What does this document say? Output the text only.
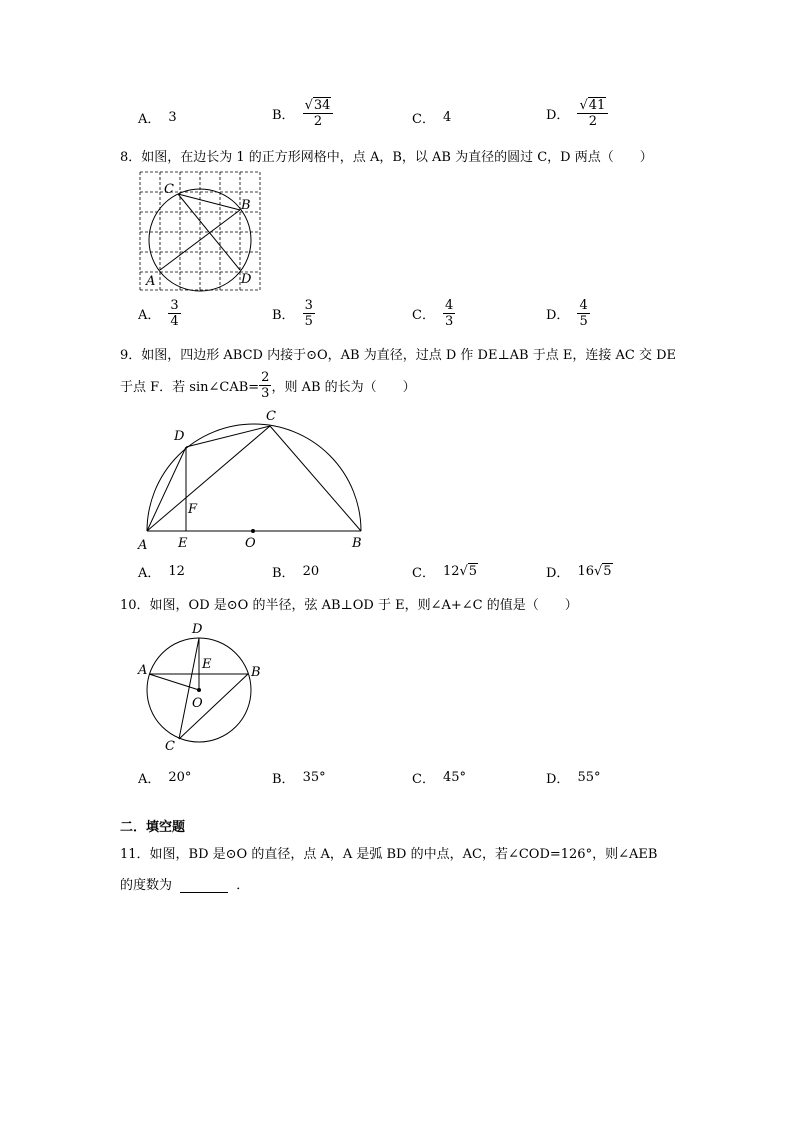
A． 3	B． $\frac{√34}{2}$	C． 4	D． $\frac{√41}{2}$
8．如图，在边长为 1 的正方形网格中，点 A，B，以 AB 为直径的圆过 C，D 两点（　　）
C
B
A	D
A． $\frac{3}{4}$	B． $\frac{3}{5}$	C． $\frac{4}{3}$	D． $\frac{4}{5}$
9．如图，四边形 ABCD 内接于⊙O，AB 为直径，过点 D 作 DE⊥AB 于点 E，连接 AC 交 DE
于点 F．若 sin∠CAB= $\frac{2}{3}$ ，则 AB 的长为（　　）
D
C
F
A E	O	B
A． 12	B． 20	C． 12 √5	D． 16 √5
10．如图，OD 是⊙O 的半径，弦 AB⊥OD 于 E，则∠A+∠C 的值是（　　）
D
E
A	B
O
C
A． 20°	B． 35°	C． 45°	D． 55°
二．填空题
11．如图，BD 是⊙O 的直径，点 A，A 是弧 BD 的中点，AC，若∠COD=126°，则∠AEB
的度数为	．
